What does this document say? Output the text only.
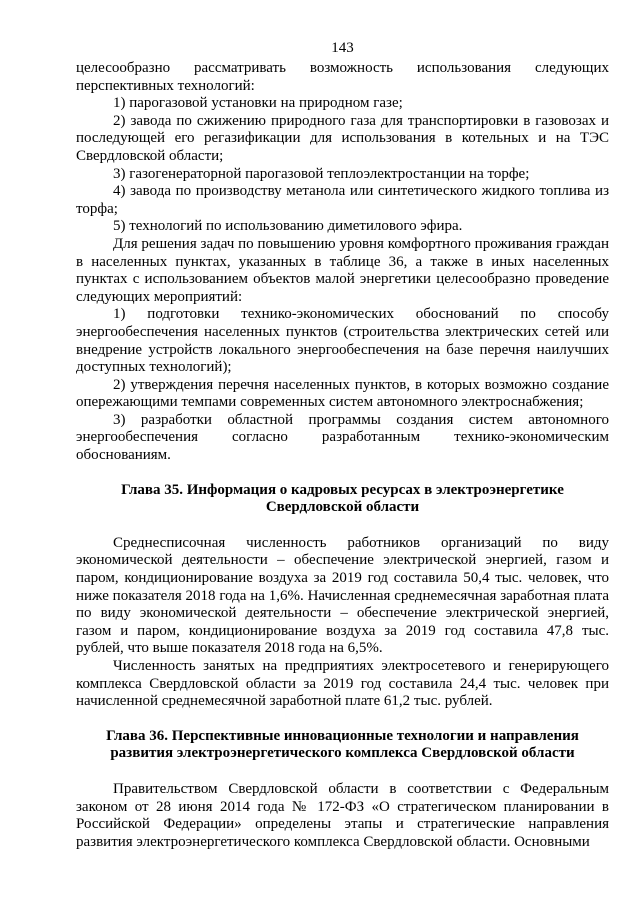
143

целесообразно рассматривать возможность использования следующих перспективных технологий:

1) парогазовой установки на природном газе;

2) завода по сжижению природного газа для транспортировки в газовозах и последующей его регазификации для использования в котельных и на ТЭС Свердловской области;

3) газогенераторной парогазовой теплоэлектростанции на торфе;

4) завода по производству метанола или синтетического жидкого топлива из торфа;

5) технологий по использованию диметилового эфира.

Для решения задач по повышению уровня комфортного проживания граждан в населенных пунктах, указанных в таблице 36, а также в иных населенных пунктах с использованием объектов малой энергетики целесообразно проведение следующих мероприятий:

1) подготовки технико-экономических обоснований по способу энергообеспечения населенных пунктов (строительства электрических сетей или внедрение устройств локального энергообеспечения на базе перечня наилучших доступных технологий);

2) утверждения перечня населенных пунктов, в которых возможно создание опережающими темпами современных систем автономного электроснабжения;

3) разработки областной программы создания систем автономного энергообеспечения согласно разработанным технико-экономическим обоснованиям.

Глава 35. Информация о кадровых ресурсах в электроэнергетике Свердловской области

Среднесписочная численность работников организаций по виду экономической деятельности – обеспечение электрической энергией, газом и паром, кондиционирование воздуха за 2019 год составила 50,4 тыс. человек, что ниже показателя 2018 года на 1,6%. Начисленная среднемесячная заработная плата по виду экономической деятельности – обеспечение электрической энергией, газом и паром, кондиционирование воздуха за 2019 год составила 47,8 тыс. рублей, что выше показателя 2018 года на 6,5%.

Численность занятых на предприятиях электросетевого и генерирующего комплекса Свердловской области за 2019 год составила 24,4 тыс. человек при начисленной среднемесячной заработной плате 61,2 тыс. рублей.

Глава 36. Перспективные инновационные технологии и направления развития электроэнергетического комплекса Свердловской области

Правительством Свердловской области в соответствии с Федеральным законом от 28 июня 2014 года № 172-ФЗ «О стратегическом планировании в Российской Федерации» определены этапы и стратегические направления развития электроэнергетического комплекса Свердловской области. Основными
